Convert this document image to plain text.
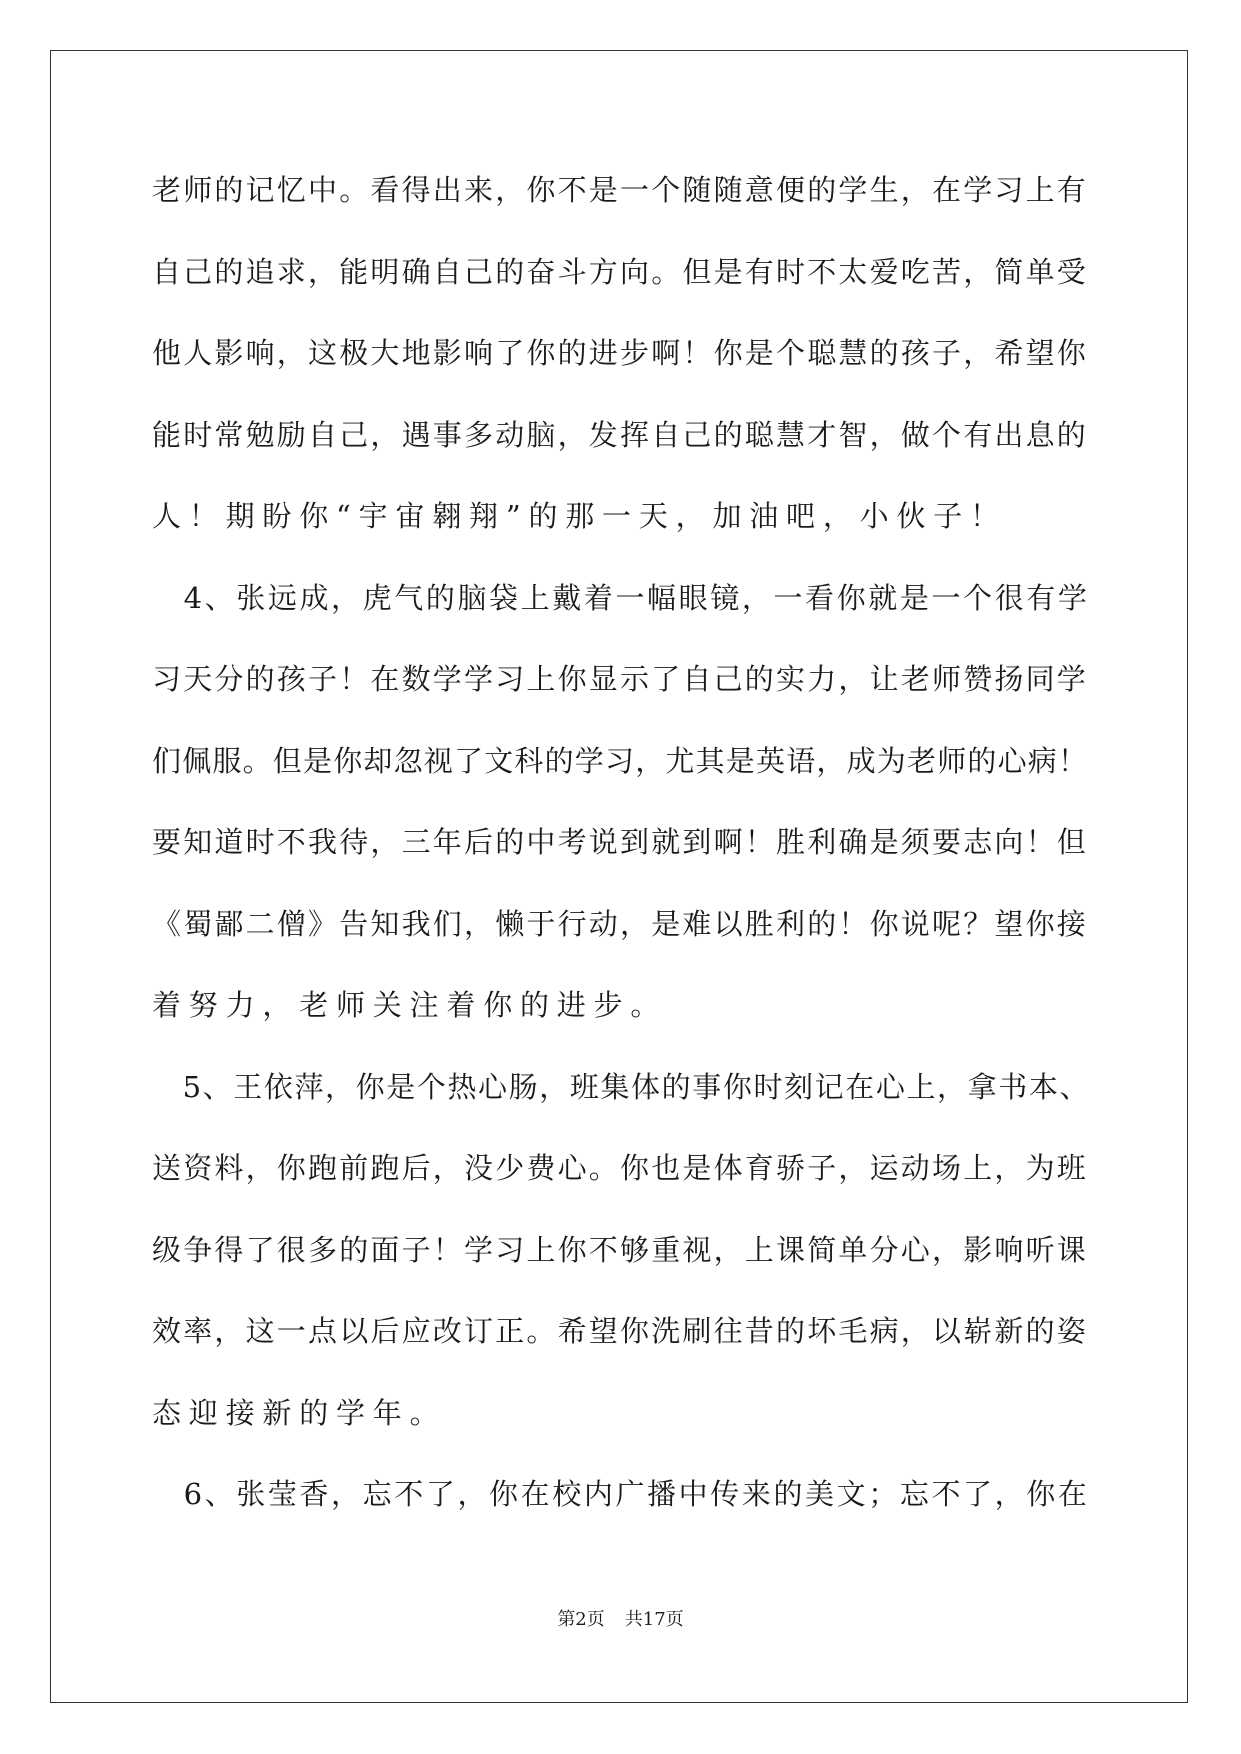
老师的记忆中。看得出来，你不是一个随随意便的学生，在学习上有

自己的追求，能明确自己的奋斗方向。但是有时不太爱吃苦，简单受

他人影响，这极大地影响了你的进步啊！你是个聪慧的孩子，希望你

能时常勉励自己，遇事多动脑，发挥自己的聪慧才智，做个有出息的

人！期盼你“宇宙翱翔”的那一天，加油吧，小伙子！

　4、张远成，虎气的脑袋上戴着一幅眼镜，一看你就是一个很有学

习天分的孩子！在数学学习上你显示了自己的实力，让老师赞扬同学

们佩服。但是你却忽视了文科的学习，尤其是英语，成为老师的心病！

要知道时不我待，三年后的中考说到就到啊！胜利确是须要志向！但

《蜀鄙二僧》告知我们，懒于行动，是难以胜利的！你说呢？望你接

着努力，老师关注着你的进步。

　5、王依萍，你是个热心肠，班集体的事你时刻记在心上，拿书本、

送资料，你跑前跑后，没少费心。你也是体育骄子，运动场上，为班

级争得了很多的面子！学习上你不够重视，上课简单分心，影响听课

效率，这一点以后应改订正。希望你洗刷往昔的坏毛病，以崭新的姿

态迎接新的学年。

　6、张莹香，忘不了，你在校内广播中传来的美文；忘不了，你在

第2页 共17页
